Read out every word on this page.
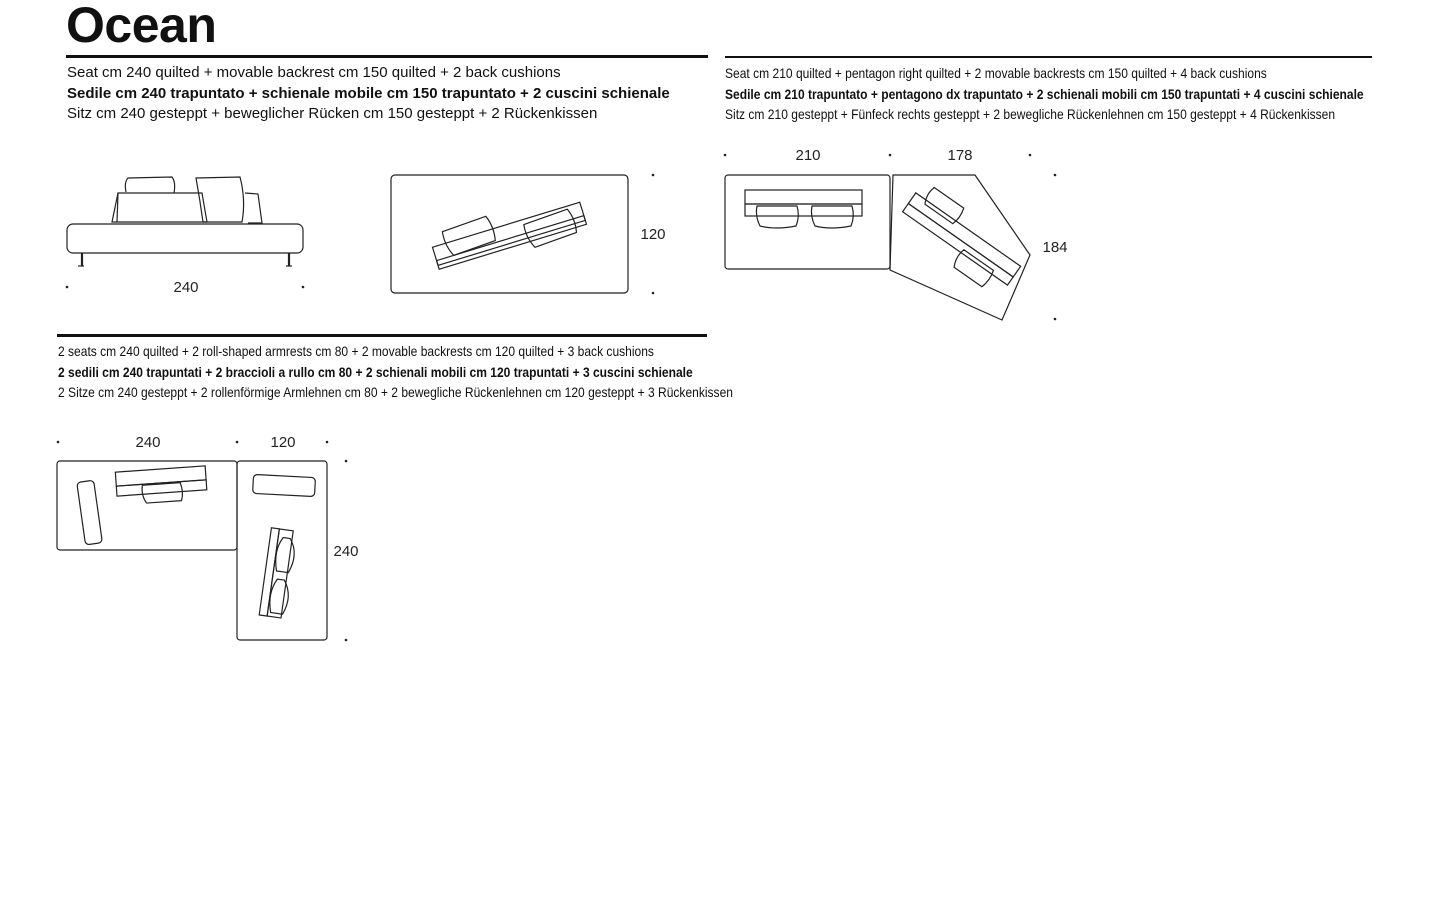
Ocean
Seat cm 240 quilted + movable backrest cm 150 quilted + 2 back cushions
Sedile cm 240 trapuntato + schienale mobile cm 150 trapuntato + 2 cuscini schienale
Sitz cm 240 gesteppt + beweglicher Rücken cm 150 gesteppt + 2 Rückenkissen
Seat cm 210 quilted + pentagon right quilted + 2 movable backrests cm 150 quilted + 4 back cushions
Sedile cm 210 trapuntato + pentagono dx trapuntato + 2 schienali mobili cm 150 trapuntati + 4 cuscini schienale
Sitz cm 210 gesteppt + Fünfeck rechts gesteppt + 2 bewegliche Rückenlehnen cm 150 gesteppt + 4 Rückenkissen
2 seats cm 240 quilted + 2 roll-shaped armrests cm 80 + 2 movable backrests cm 120 quilted + 3 back cushions
2 sedili cm 240 trapuntati + 2 braccioli a rullo cm 80 + 2 schienali mobili cm 120 trapuntati + 3 cuscini schienale
2 Sitze cm 240 gesteppt + 2 rollenförmige Armlehnen cm 80 + 2 bewegliche Rückenlehnen cm 120 gesteppt + 3 Rückenkissen
240
120
210	178
184
240	120
240
